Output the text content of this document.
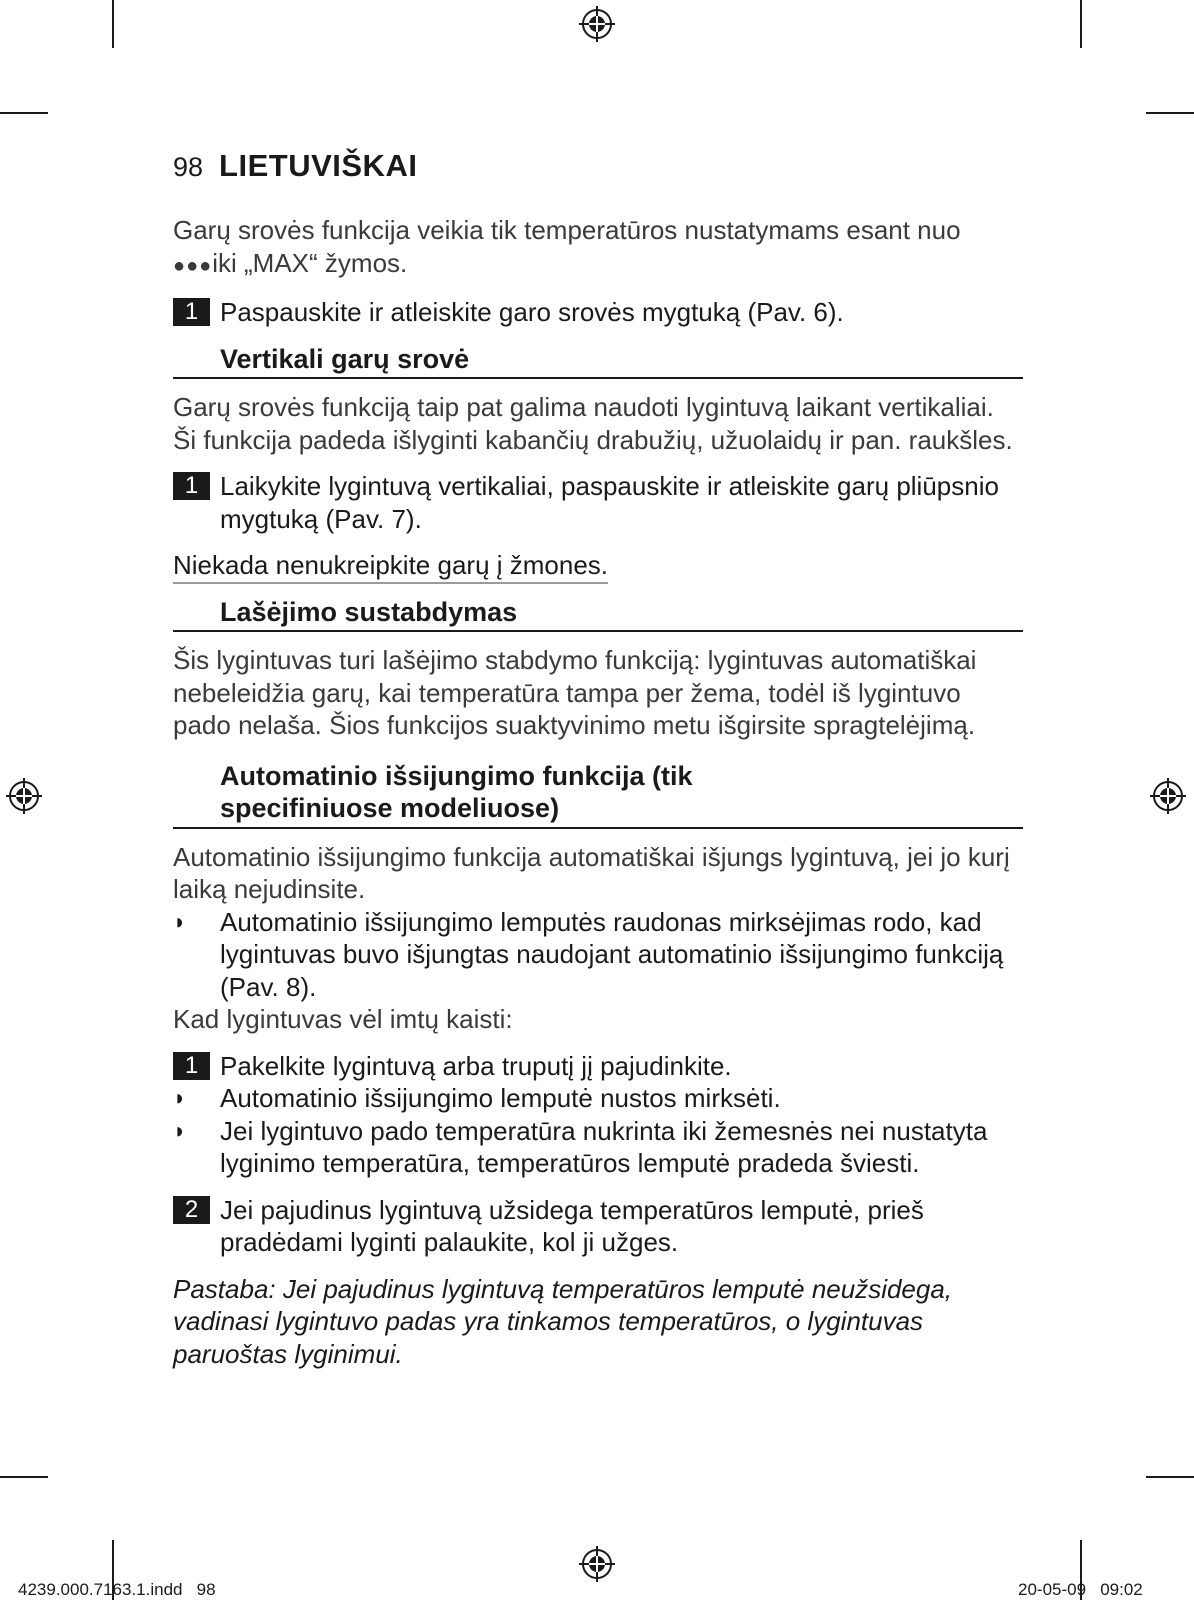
98 LIETUVIŠKAI

Garų srovės funkcija veikia tik temperatūros nustatymams esant nuo
●●●iki „MAX“ žymos.

1 Paspauskite ir atleiskite garo srovės mygtuką (Pav. 6).
Vertikali garų srovė

Garų srovės funkciją taip pat galima naudoti lygintuvą laikant vertikaliai. Ši funkcija padeda išlyginti kabančių drabužių, užuolaidų ir pan. raukšles.

1 Laikykite lygintuvą vertikaliai, paspauskite ir atleiskite garų pliūpsnio mygtuką (Pav. 7).
Niekada nenukreipkite garų į žmones.
Lašėjimo sustabdymas

Šis lygintuvas turi lašėjimo stabdymo funkciją: lygintuvas automatiškai nebeleidžia garų, kai temperatūra tampa per žema, todėl iš lygintuvo pado nelaša. Šios funkcijos suaktyvinimo metu išgirsite spragtelėjimą.

Automatinio išsijungimo funkcija (tik
specifiniuose modeliuose)

Automatinio išsijungimo funkcija automatiškai išjungs lygintuvą, jei jo kurį laiką nejudinsite.

◗	Automatinio išsijungimo lemputės raudonas mirksėjimas rodo, kad lygintuvas buvo išjungtas naudojant automatinio išsijungimo funkciją (Pav. 8).

Kad lygintuvas vėl imtų kaisti:

1 Pakelkite lygintuvą arba truputį jį pajudinkite.
◗	Automatinio išsijungimo lemputė nustos mirksėti.
◗	Jei lygintuvo pado temperatūra nukrinta iki žemesnės nei nustatyta lyginimo temperatūra, temperatūros lemputė pradeda šviesti.
2 Jei pajudinus lygintuvą užsidega temperatūros lemputė, prieš pradėdami lyginti palaukite, kol ji užges.

Pastaba: Jei pajudinus lygintuvą temperatūros lemputė neužsidega, vadinasi lygintuvo padas yra tinkamos temperatūros, o lygintuvas paruoštas lyginimui.

4239.000.7163.1.indd   98	20-05-09   09:02
